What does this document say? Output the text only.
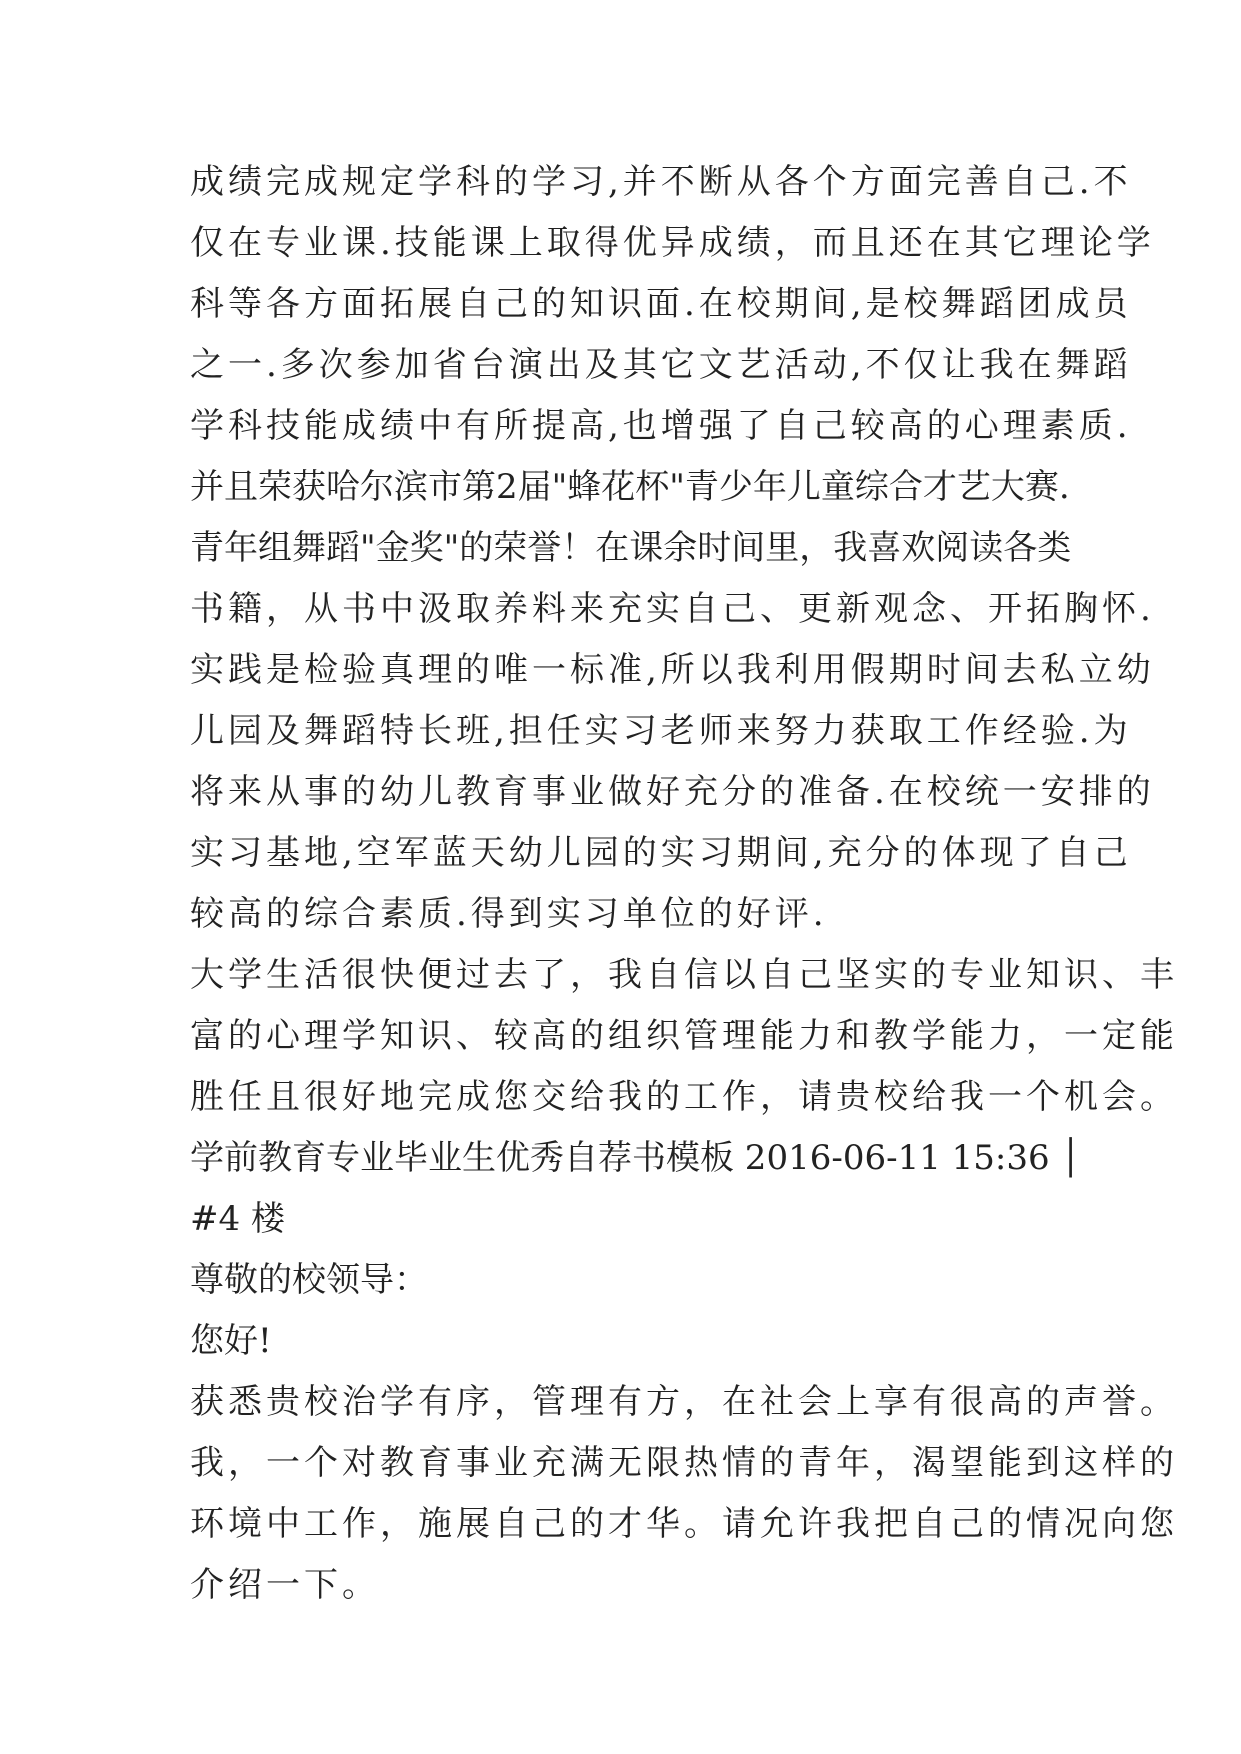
成绩完成规定学科的学习,并不断从各个方面完善自己.不
仅在专业课.技能课上取得优异成绩，而且还在其它理论学
科等各方面拓展自己的知识面.在校期间,是校舞蹈团成员
之一.多次参加省台演出及其它文艺活动,不仅让我在舞蹈
学科技能成绩中有所提高,也增强了自己较高的心理素质.
并且荣获哈尔滨市第2届"蜂花杯"青少年儿童综合才艺大赛.
青年组舞蹈"金奖"的荣誉！在课余时间里，我喜欢阅读各类
书籍，从书中汲取养料来充实自己、更新观念、开拓胸怀.
实践是检验真理的唯一标准,所以我利用假期时间去私立幼
儿园及舞蹈特长班,担任实习老师来努力获取工作经验.为
将来从事的幼儿教育事业做好充分的准备.在校统一安排的
实习基地,空军蓝天幼儿园的实习期间,充分的体现了自己
较高的综合素质.得到实习单位的好评.
大学生活很快便过去了，我自信以自己坚实的专业知识、丰
富的心理学知识、较高的组织管理能力和教学能力，一定能
胜任且很好地完成您交给我的工作，请贵校给我一个机会。
学前教育专业毕业生优秀自荐书模板 2016-06-11 15:36 │
#4 楼
尊敬的校领导：
您好!
获悉贵校治学有序，管理有方，在社会上享有很高的声誉。
我，一个对教育事业充满无限热情的青年，渴望能到这样的
环境中工作，施展自己的才华。请允许我把自己的情况向您
介绍一下。
